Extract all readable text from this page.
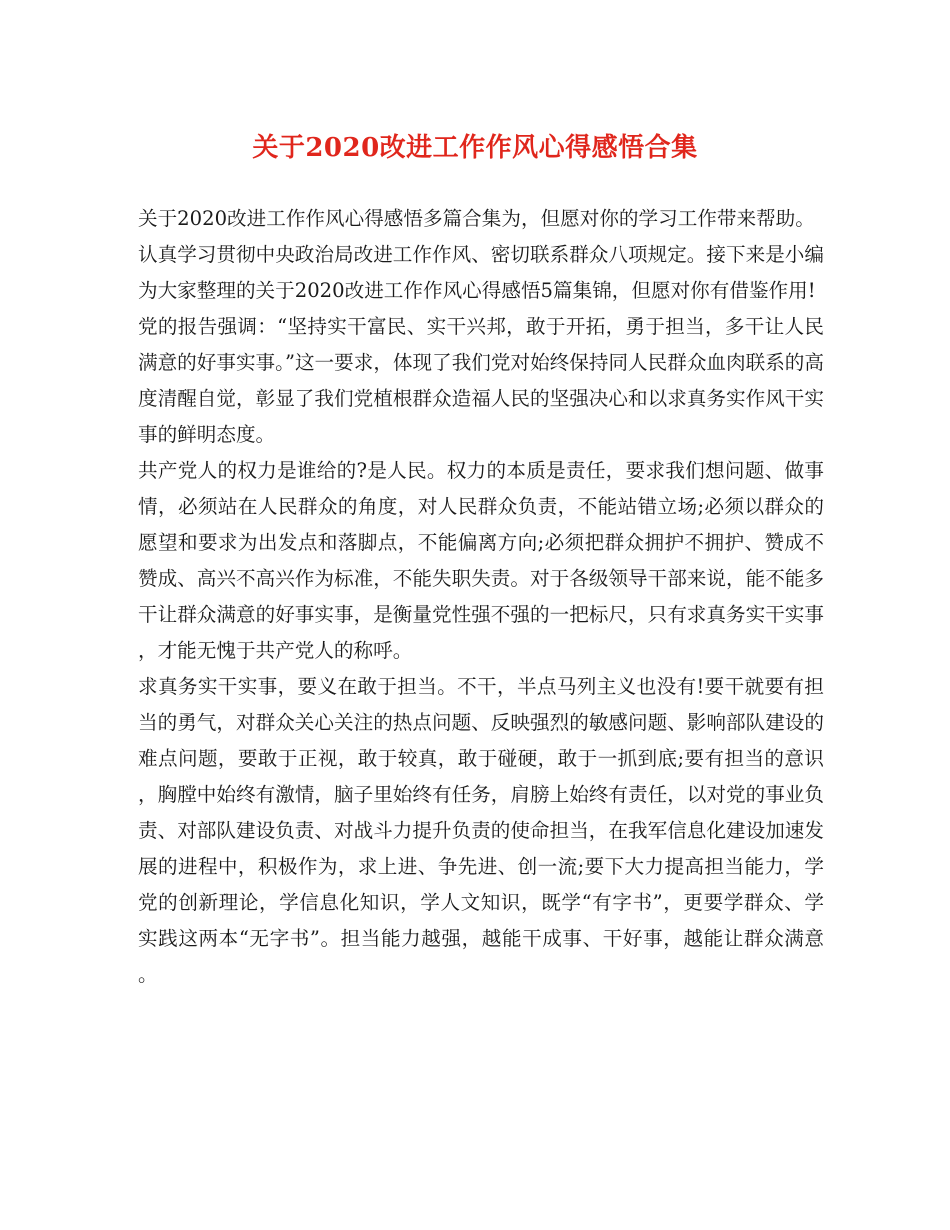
关于2020改进工作作风心得感悟合集

关于2020改进工作作风心得感悟多篇合集为，但愿对你的学习工作带来帮助。

认真学习贯彻中央政治局改进工作作风、密切联系群众八项规定。接下来是小编为大家整理的关于2020改进工作作风心得感悟5篇集锦，但愿对你有借鉴作用!

党的报告强调：“坚持实干富民、实干兴邦，敢于开拓，勇于担当，多干让人民满意的好事实事。”这一要求，体现了我们党对始终保持同人民群众血肉联系的高度清醒自觉，彰显了我们党植根群众造福人民的坚强决心和以求真务实作风干实事的鲜明态度。

共产党人的权力是谁给的?是人民。权力的本质是责任，要求我们想问题、做事情，必须站在人民群众的角度，对人民群众负责，不能站错立场;必须以群众的愿望和要求为出发点和落脚点，不能偏离方向;必须把群众拥护不拥护、赞成不赞成、高兴不高兴作为标准，不能失职失责。对于各级领导干部来说，能不能多干让群众满意的好事实事，是衡量党性强不强的一把标尺，只有求真务实干实事，才能无愧于共产党人的称呼。

求真务实干实事，要义在敢于担当。不干，半点马列主义也没有!要干就要有担当的勇气，对群众关心关注的热点问题、反映强烈的敏感问题、影响部队建设的难点问题，要敢于正视，敢于较真，敢于碰硬，敢于一抓到底;要有担当的意识，胸膛中始终有激情，脑子里始终有任务，肩膀上始终有责任，以对党的事业负责、对部队建设负责、对战斗力提升负责的使命担当，在我军信息化建设加速发展的进程中，积极作为，求上进、争先进、创一流;要下大力提高担当能力，学党的创新理论，学信息化知识，学人文知识，既学“有字书”，更要学群众、学实践这两本“无字书”。担当能力越强，越能干成事、干好事，越能让群众满意。
